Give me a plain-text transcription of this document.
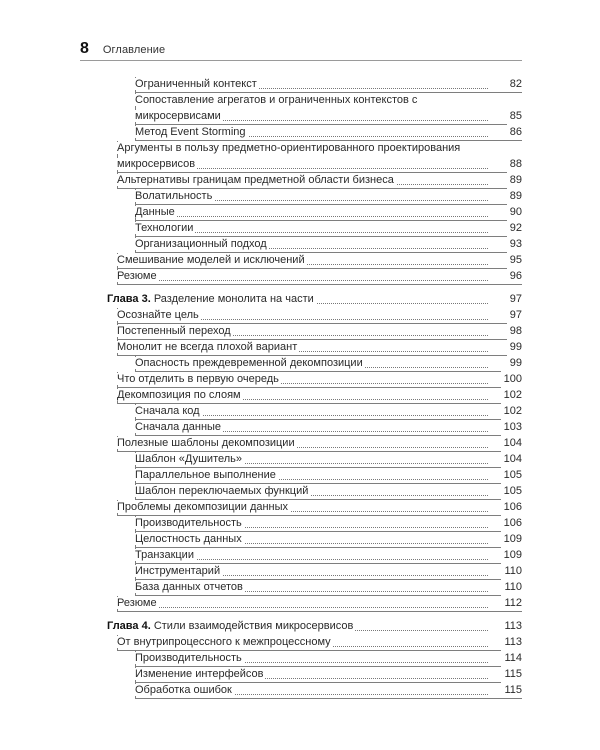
8 Оглавление
Ограниченный контекст	82
Сопоставление агрегатов и ограниченных контекстов с микросервисами	85
Метод Event Storming	86
Аргументы в пользу предметно-ориентированного проектирования микросервисов	88
Альтернативы границам предметной области бизнеса	89
Волатильность	89
Данные	90
Технологии	92
Организационный подход	93
Смешивание моделей и исключений	95
Резюме	96
Глава 3. Разделение монолита на части	97
Осознайте цель	97
Постепенный переход	98
Монолит не всегда плохой вариант	99
Опасность преждевременной декомпозиции	99
Что отделить в первую очередь	100
Декомпозиция по слоям	102
Сначала код	102
Сначала данные	103
Полезные шаблоны декомпозиции	104
Шаблон «Душитель»	104
Параллельное выполнение	105
Шаблон переключаемых функций	105
Проблемы декомпозиции данных	106
Производительность	106
Целостность данных	109
Транзакции	109
Инструментарий	110
База данных отчетов	110
Резюме	112
Глава 4. Стили взаимодействия микросервисов	113
От внутрипроцессного к межпроцессному	113
Производительность	114
Изменение интерфейсов	115
Обработка ошибок	115
